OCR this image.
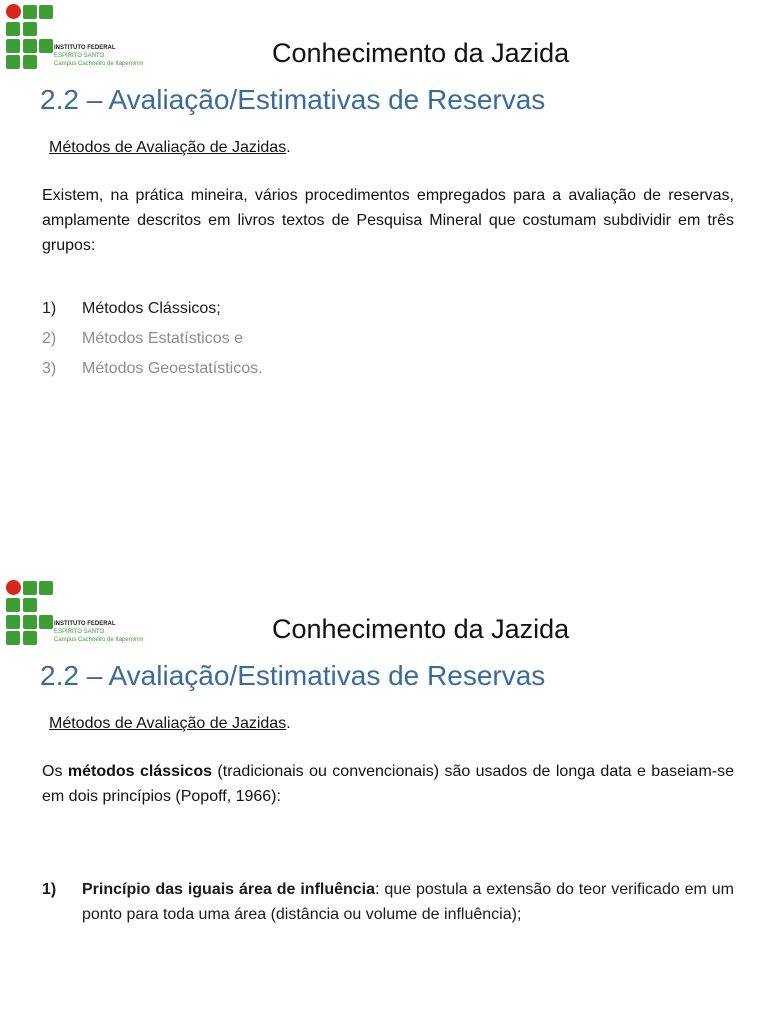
INSTITUTO FEDERAL
ESPÍRITO SANTO
Campus Cachoeiro de Itapemirim	Conhecimento da Jazida
2.2 – Avaliação/Estimativas de Reservas
Métodos de Avaliação de Jazidas.
Existem, na prática mineira, vários procedimentos empregados para a avaliação de reservas, amplamente descritos em livros textos de Pesquisa Mineral que costumam subdividir em três grupos:
1) Métodos Clássicos;
2) Métodos Estatísticos e
3) Métodos Geoestatísticos.
INSTITUTO FEDERAL
ESPÍRITO SANTO
Campus Cachoeiro de Itapemirim	Conhecimento da Jazida
2.2 – Avaliação/Estimativas de Reservas
Métodos de Avaliação de Jazidas.
Os métodos clássicos (tradicionais ou convencionais) são usados de longa data e baseiam-se em dois princípios (Popoff, 1966):
1) Princípio das iguais área de influência: que postula a extensão do teor verificado em um ponto para toda uma área (distância ou volume de influência);
